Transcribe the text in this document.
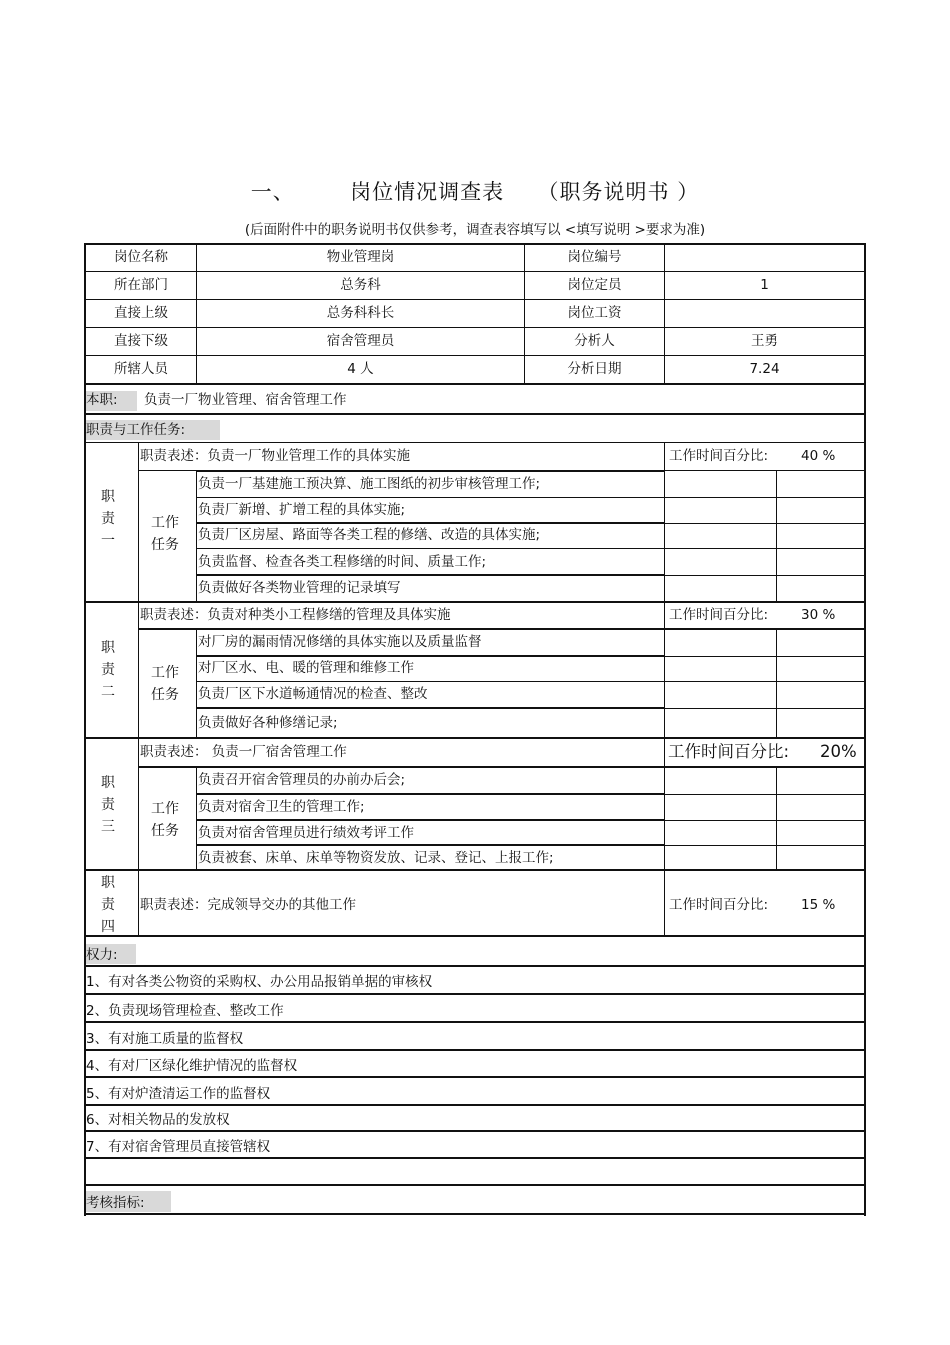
一、	岗位情况调查表 （职务说明书 ）
(后面附件中的职务说明书仅供参考，调查表容填写以 <填写说明 >要求为准)
岗位名称	物业管理岗	岗位编号
所在部门	总务科	岗位定员	1
直接上级	总务科科长	岗位工资
直接下级	宿舍管理员	分析人	王勇
所辖人员	4 人	分析日期	7.24
本职: 负责一厂物业管理、宿舍管理工作
职责与工作任务:
职责一
职责表述：负责一厂物业管理工作的具体实施	工作时间百分比: 40 %
工作任务
负责一厂基建施工预决算、施工图纸的初步审核管理工作;
负责厂新增、扩增工程的具体实施;
负责厂区房屋、路面等各类工程的修缮、改造的具体实施;
负责监督、检查各类工程修缮的时间、质量工作;
负责做好各类物业管理的记录填写
职责二
职责表述：负责对种类小工程修缮的管理及具体实施	工作时间百分比: 30 %
工作任务
对厂房的漏雨情况修缮的具体实施以及质量监督
对厂区水、电、暖的管理和维修工作
负责厂区下水道畅通情况的检查、整改
负责做好各种修缮记录;
职责三
职责表述： 负责一厂宿舍管理工作	工作时间百分比: 20%
工作任务
负责召开宿舍管理员的办前办后会;
负责对宿舍卫生的管理工作;
负责对宿舍管理员进行绩效考评工作
负责被套、床单、床单等物资发放、记录、登记、上报工作;
职责四
职责表述：完成领导交办的其他工作	工作时间百分比: 15 %
权力:
1、有对各类公物资的采购权、办公用品报销单据的审核权
2、负责现场管理检查、整改工作
3、有对施工质量的监督权
4、有对厂区绿化维护情况的监督权
5、有对炉渣清运工作的监督权
6、对相关物品的发放权
7、有对宿舍管理员直接管辖权
考核指标:
